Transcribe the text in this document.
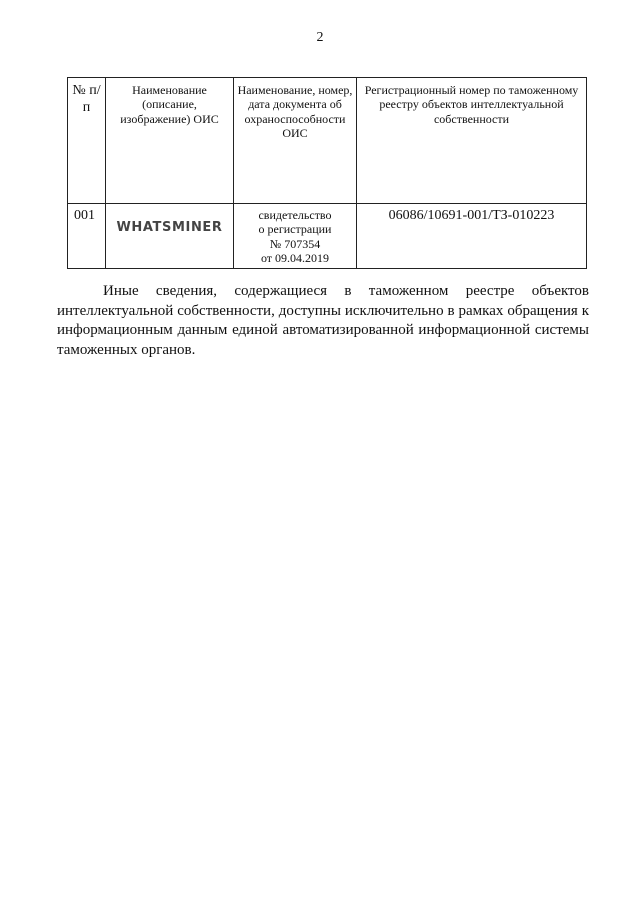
2
№ п/п	Наименование (описание, изображение) ОИС	Наименование, номер, дата документа об охраноспособности ОИС	Регистрационный номер по таможенному реестру объектов интеллектуальной собственности
001	WHATSMINER	свидетельство
о регистрации
№ 707354
от 09.04.2019	06086/10691-001/ТЗ-010223

Иные сведения, содержащиеся в таможенном реестре объектов интеллектуальной собственности, доступны исключительно в рамках обращения к информационным данным единой автоматизированной информационной системы таможенных органов.
